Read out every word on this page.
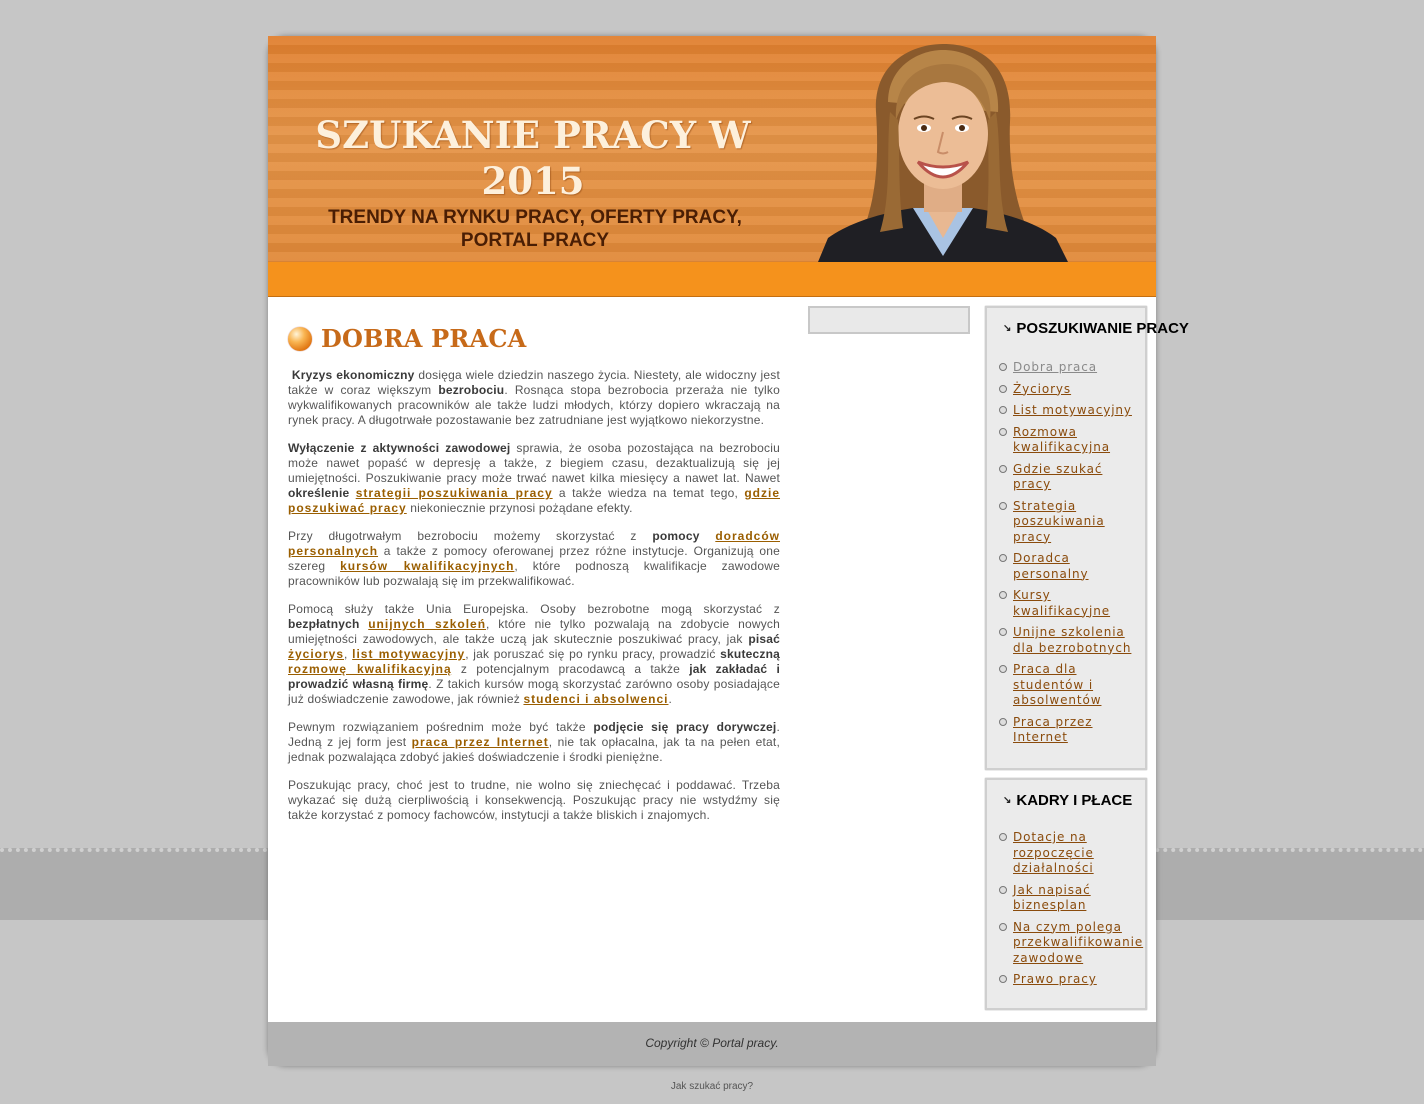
SZUKANIE PRACY W 2015
TRENDY NA RYNKU PRACY, OFERTY PRACY, PORTAL PRACY
DOBRA PRACA

Kryzys ekonomiczny dosięga wiele dziedzin naszego życia. Niestety, ale widoczny jest także w coraz większym bezrobociu. Rosnąca stopa bezrobocia przeraża nie tylko wykwalifikowanych pracowników ale także ludzi młodych, którzy dopiero wkraczają na rynek pracy. A długotrwałe pozostawanie bez zatrudniane jest wyjątkowo niekorzystne.

Wyłączenie z aktywności zawodowej sprawia, że osoba pozostająca na bezrobociu może nawet popaść w depresję a także, z biegiem czasu, dezaktualizują się jej umiejętności. Poszukiwanie pracy może trwać nawet kilka miesięcy a nawet lat. Nawet określenie strategii poszukiwania pracy a także wiedza na temat tego, gdzie poszukiwać pracy niekoniecznie przynosi pożądane efekty.

Przy długotrwałym bezrobociu możemy skorzystać z pomocy doradców personalnych a także z pomocy oferowanej przez różne instytucje. Organizują one szereg kursów kwalifikacyjnych, które podnoszą kwalifikacje zawodowe pracowników lub pozwalają się im przekwalifikować.

Pomocą służy także Unia Europejska. Osoby bezrobotne mogą skorzystać z bezpłatnych unijnych szkoleń, które nie tylko pozwalają na zdobycie nowych umiejętności zawodowych, ale także uczą jak skutecznie poszukiwać pracy, jak pisać życiorys, list motywacyjny, jak poruszać się po rynku pracy, prowadzić skuteczną rozmowę kwalifikacyjną z potencjalnym pracodawcą a także jak zakładać i prowadzić własną firmę. Z takich kursów mogą skorzystać zarówno osoby posiadające już doświadczenie zawodowe, jak również studenci i absolwenci.

Pewnym rozwiązaniem pośrednim może być także podjęcie się pracy dorywczej. Jedną z jej form jest praca przez Internet, nie tak opłacalna, jak ta na pełen etat, jednak pozwalająca zdobyć jakieś doświadczenie i środki pieniężne.

Poszukując pracy, choć jest to trudne, nie wolno się zniechęcać i poddawać. Trzeba wykazać się dużą cierpliwością i konsekwencją. Poszukując pracy nie wstydźmy się także korzystać z pomocy fachowców, instytucji a także bliskich i znajomych.

↘ POSZUKIWANIE PRACY
Dobra praca
Życiorys
List motywacyjny
Rozmowa kwalifikacyjna
Gdzie szukać pracy
Strategia poszukiwania pracy
Doradca personalny
Kursy kwalifikacyjne
Unijne szkolenia dla bezrobotnych
Praca dla studentów i absolwentów
Praca przez Internet
↘ KADRY I PŁACE
Dotacje na rozpoczęcie działalności
Jak napisać biznesplan
Na czym polega przekwalifikowanie zawodowe
Prawo pracy
Copyright © Portal pracy.
Jak szukać pracy?
